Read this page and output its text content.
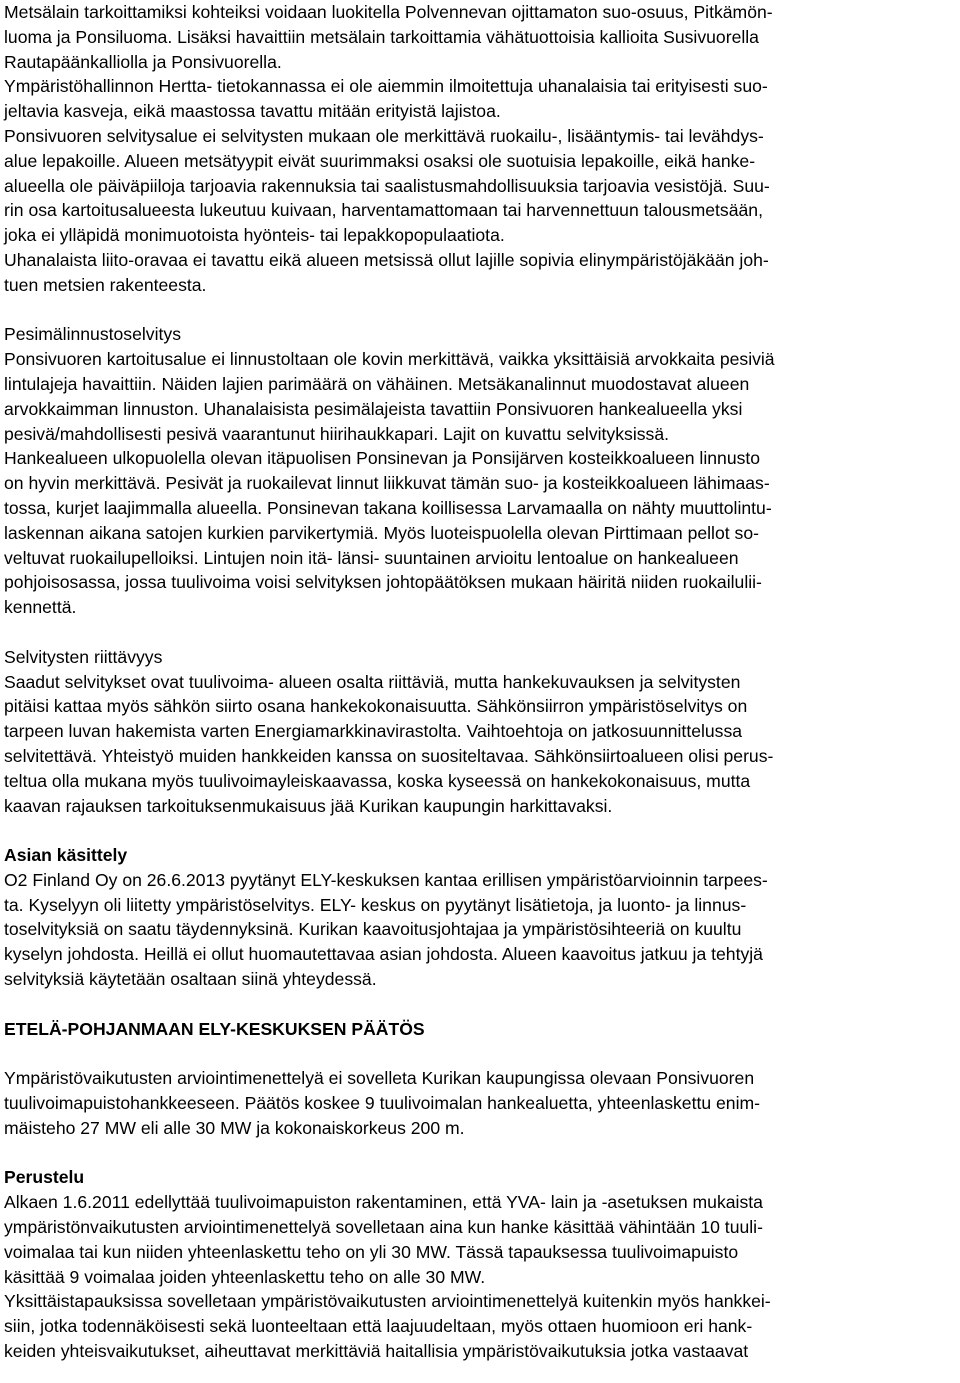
Metsälain tarkoittamiksi kohteiksi voidaan luokitella Polvennevan ojittamaton suo-osuus, Pitkämön-
luoma ja Ponsiluoma. Lisäksi havaittiin metsälain tarkoittamia vähätuottoisia kallioita Susivuorella
Rautapäänkalliolla ja Ponsivuorella.
Ympäristöhallinnon Hertta- tietokannassa ei ole aiemmin ilmoitettuja uhanalaisia tai erityisesti suo-
jeltavia kasveja, eikä maastossa tavattu mitään erityistä lajistoa.
Ponsivuoren selvitysalue ei selvitysten mukaan ole merkittävä ruokailu-, lisääntymis- tai levähdys-
alue lepakoille. Alueen metsätyypit eivät suurimmaksi osaksi ole suotuisia lepakoille, eikä hanke-
alueella ole päiväpiiloja tarjoavia rakennuksia tai saalistusmahdollisuuksia tarjoavia vesistöjä. Suu-
rin osa kartoitusalueesta lukeutuu kuivaan, harventamattomaan tai harvennettuun talousmetsään,
joka ei ylläpidä monimuotoista hyönteis- tai lepakkopopulaatiota.
Uhanalaista liito-oravaa ei tavattu eikä alueen metsissä ollut lajille sopivia elinympäristöjäkään joh-
tuen metsien rakenteesta.
Pesimälinnustoselvitys
Ponsivuoren kartoitusalue ei linnustoltaan ole kovin merkittävä, vaikka yksittäisiä arvokkaita pesiviä
lintulajeja havaittiin. Näiden lajien parimäärä on vähäinen. Metsäkanalinnut muodostavat alueen
arvokkaimman linnuston. Uhanalaisista pesimälajeista tavattiin Ponsivuoren hankealueella yksi
pesivä/mahdollisesti pesivä vaarantunut hiirihaukkapari. Lajit on kuvattu selvityksissä.
Hankealueen ulkopuolella olevan itäpuolisen Ponsinevan ja Ponsijärven kosteikkoalueen linnusto
on hyvin merkittävä. Pesivät ja ruokailevat linnut liikkuvat tämän suo- ja kosteikkoalueen lähimaas-
tossa, kurjet laajimmalla alueella. Ponsinevan takana koillisessa Larvamaalla on nähty muuttolintu-
laskennan aikana satojen kurkien parvikertymiä. Myös luoteispuolella olevan Pirttimaan pellot so-
veltuvat ruokailupelloiksi. Lintujen noin itä- länsi- suuntainen arvioitu lentoalue on hankealueen
pohjoisosassa, jossa tuulivoima voisi selvityksen johtopäätöksen mukaan häiritä niiden ruokailulii-
kennettä.
Selvitysten riittävyys
Saadut selvitykset ovat tuulivoima- alueen osalta riittäviä, mutta hankekuvauksen ja selvitysten
pitäisi kattaa myös sähkön siirto osana hankekokonaisuutta. Sähkönsiirron ympäristöselvitys on
tarpeen luvan hakemista varten Energiamarkkinavirastolta. Vaihtoehtoja on jatkosuunnittelussa
selvitettävä. Yhteistyö muiden hankkeiden kanssa on suositeltavaa. Sähkönsiirtoalueen olisi perus-
teltua olla mukana myös tuulivoimayleiskaavassa, koska kyseessä on hankekokonaisuus, mutta
kaavan rajauksen tarkoituksenmukaisuus jää Kurikan kaupungin harkittavaksi.
Asian käsittely
O2 Finland Oy on 26.6.2013 pyytänyt ELY-keskuksen kantaa erillisen ympäristöarvioinnin tarpees-
ta. Kyselyyn oli liitetty ympäristöselvitys. ELY- keskus on pyytänyt lisätietoja, ja luonto- ja linnus-
toselvityksiä on saatu täydennyksinä. Kurikan kaavoitusjohtajaa ja ympäristösihteeriä on kuultu
kyselyn johdosta. Heillä ei ollut huomautettavaa asian johdosta. Alueen kaavoitus jatkuu ja tehtyjä
selvityksiä käytetään osaltaan siinä yhteydessä.
ETELÄ-POHJANMAAN ELY-KESKUKSEN PÄÄTÖS
Ympäristövaikutusten arviointimenettelyä ei sovelleta Kurikan kaupungissa olevaan Ponsivuoren
tuulivoimapuistohankkeeseen. Päätös koskee 9 tuulivoimalan hankealuetta, yhteenlaskettu enim-
mäisteho 27 MW eli alle 30 MW ja kokonaiskorkeus 200 m.
Perustelu
Alkaen 1.6.2011 edellyttää tuulivoimapuiston rakentaminen, että YVA- lain ja -asetuksen mukaista
ympäristönvaikutusten arviointimenettelyä sovelletaan aina kun hanke käsittää vähintään 10 tuuli-
voimalaa tai kun niiden yhteenlaskettu teho on yli 30 MW. Tässä tapauksessa tuulivoimapuisto
käsittää 9 voimalaa joiden yhteenlaskettu teho on alle 30 MW.
Yksittäistapauksissa sovelletaan ympäristövaikutusten arviointimenettelyä kuitenkin myös hankkei-
siin, jotka todennäköisesti sekä luonteeltaan että laajuudeltaan, myös ottaen huomioon eri hank-
keiden yhteisvaikutukset, aiheuttavat merkittäviä haitallisia ympäristövaikutuksia jotka vastaavat
